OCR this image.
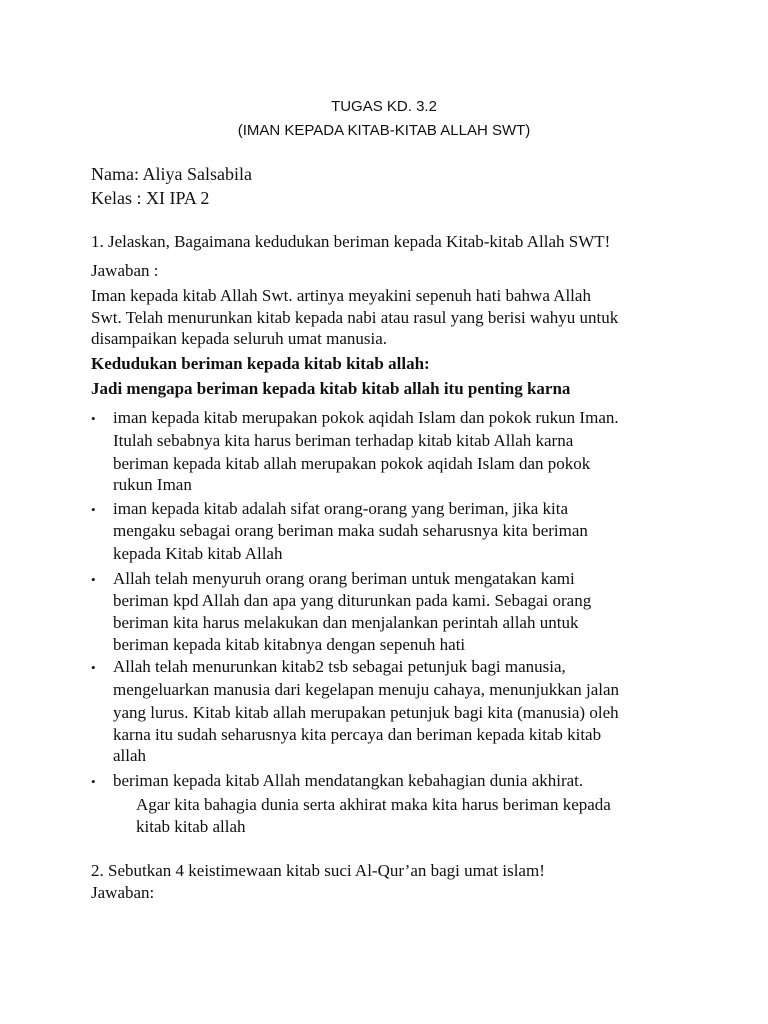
TUGAS KD. 3.2
(IMAN KEPADA KITAB-KITAB ALLAH SWT)
Nama: Aliya Salsabila
Kelas : XI IPA 2
1. Jelaskan, Bagaimana kedudukan beriman kepada Kitab-kitab Allah SWT!
Jawaban :
Iman kepada kitab Allah Swt. artinya meyakini sepenuh hati bahwa Allah
Swt. Telah menurunkan kitab kepada nabi atau rasul yang berisi wahyu untuk
disampaikan kepada seluruh umat manusia.
Kedudukan beriman kepada kitab kitab allah:
Jadi mengapa beriman kepada kitab kitab allah itu penting karna
• iman kepada kitab merupakan pokok aqidah Islam dan pokok rukun Iman.
Itulah sebabnya kita harus beriman terhadap kitab kitab Allah karna
beriman kepada kitab allah merupakan pokok aqidah Islam dan pokok
rukun Iman
• iman kepada kitab adalah sifat orang-orang yang beriman, jika kita
mengaku sebagai orang beriman maka sudah seharusnya kita beriman
kepada Kitab kitab Allah
• Allah telah menyuruh orang orang beriman untuk mengatakan kami
beriman kpd Allah dan apa yang diturunkan pada kami. Sebagai orang
beriman kita harus melakukan dan menjalankan perintah allah untuk
beriman kepada kitab kitabnya dengan sepenuh hati
• Allah telah menurunkan kitab2 tsb sebagai petunjuk bagi manusia,
mengeluarkan manusia dari kegelapan menuju cahaya, menunjukkan jalan
yang lurus. Kitab kitab allah merupakan petunjuk bagi kita (manusia) oleh
karna itu sudah seharusnya kita percaya dan beriman kepada kitab kitab
allah
• beriman kepada kitab Allah mendatangkan kebahagian dunia akhirat.
Agar kita bahagia dunia serta akhirat maka kita harus beriman kepada
kitab kitab allah
2. Sebutkan 4 keistimewaan kitab suci Al-Qur’an bagi umat islam!
Jawaban:
